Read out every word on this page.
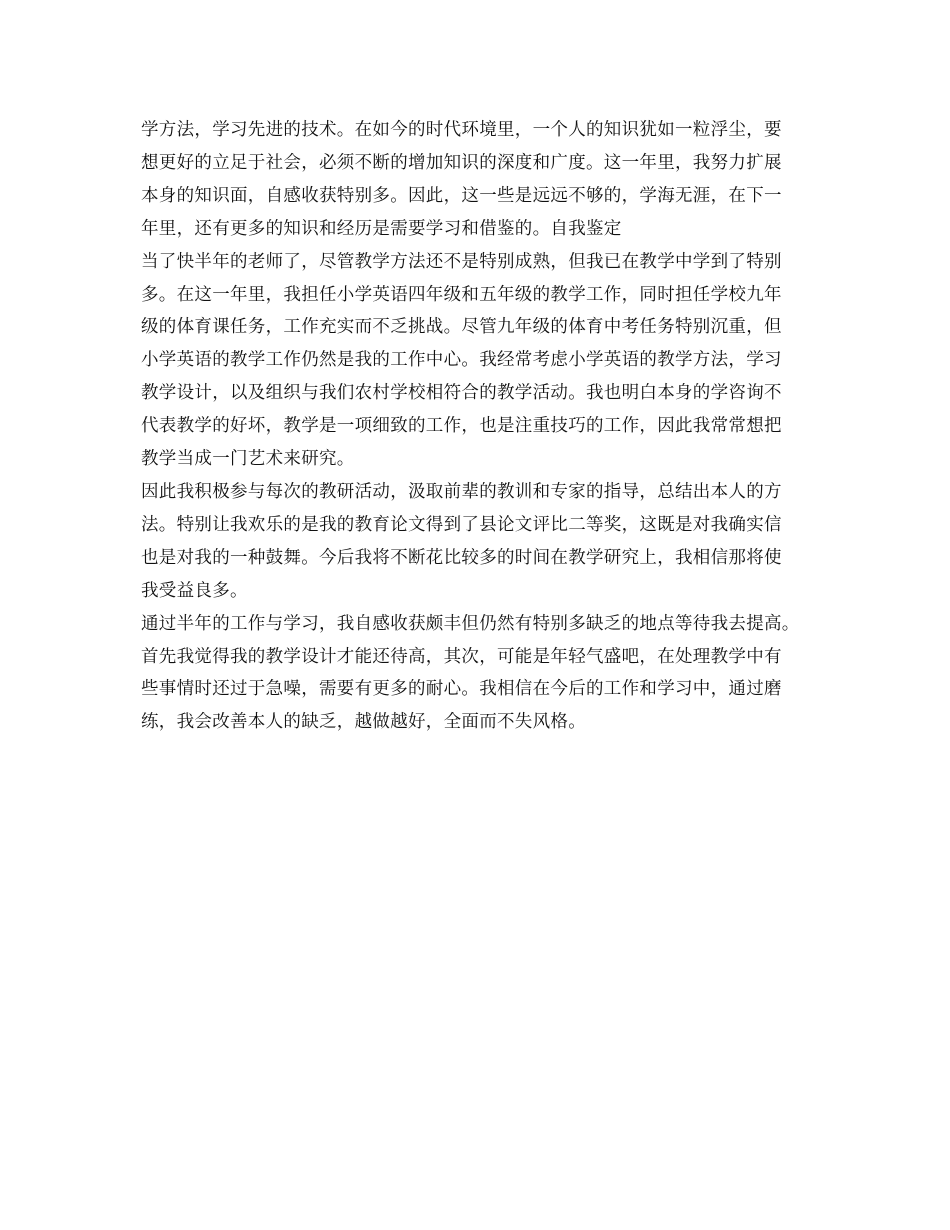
学方法，学习先进的技术。在如今的时代环境里，一个人的知识犹如一粒浮尘，要
想更好的立足于社会，必须不断的增加知识的深度和广度。这一年里，我努力扩展
本身的知识面，自感收获特别多。因此，这一些是远远不够的，学海无涯，在下一
年里，还有更多的知识和经历是需要学习和借鉴的。自我鉴定

当了快半年的老师了，尽管教学方法还不是特别成熟，但我已在教学中学到了特别
多。在这一年里，我担任小学英语四年级和五年级的教学工作，同时担任学校九年
级的体育课任务，工作充实而不乏挑战。尽管九年级的体育中考任务特别沉重，但
小学英语的教学工作仍然是我的工作中心。我经常考虑小学英语的教学方法，学习
教学设计，以及组织与我们农村学校相符合的教学活动。我也明白本身的学咨询不
代表教学的好坏，教学是一项细致的工作，也是注重技巧的工作，因此我常常想把
教学当成一门艺术来研究。

因此我积极参与每次的教研活动，汲取前辈的教训和专家的指导，总结出本人的方
法。特别让我欢乐的是我的教育论文得到了县论文评比二等奖，这既是对我确实信
也是对我的一种鼓舞。今后我将不断花比较多的时间在教学研究上，我相信那将使
我受益良多。

通过半年的工作与学习，我自感收获颇丰但仍然有特别多缺乏的地点等待我去提高。
首先我觉得我的教学设计才能还待高，其次，可能是年轻气盛吧，在处理教学中有
些事情时还过于急噪，需要有更多的耐心。我相信在今后的工作和学习中，通过磨
练，我会改善本人的缺乏，越做越好，全面而不失风格。
